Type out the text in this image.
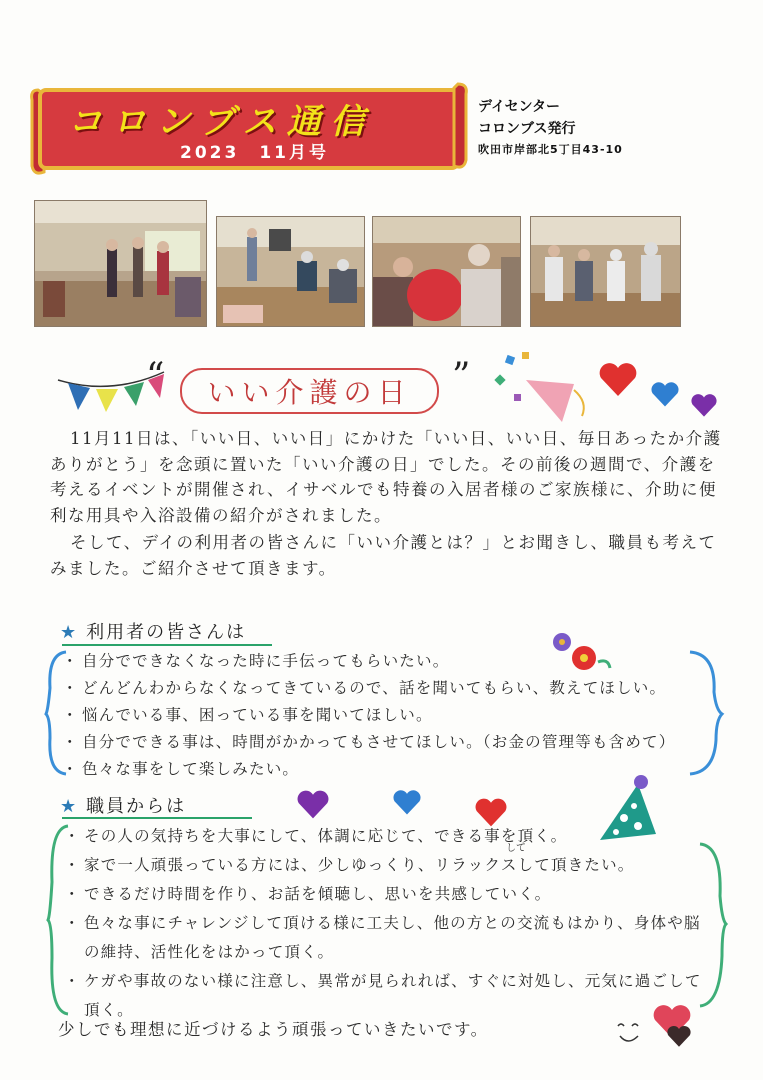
コロンブス通信
2023　11月号
デイセンター
コロンブス発行
吹田市岸部北5丁目43-10
“	”
いい介護の日

11月11日は、「いい日、いい日」にかけた「いい日、いい日、毎日あったか介護ありがとう」を念頭に置いた「いい介護の日」でした。その前後の週間で、介護を考えるイベントが開催され、イサベルでも特養の入居者様のご家族様に、介助に便利な用具や入浴設備の紹介がされました。

そして、デイの利用者の皆さんに「いい介護とは？」とお聞きし、職員も考えてみました。ご紹介させて頂きます。

★ 利用者の皆さんは
・ 自分でできなくなった時に手伝ってもらいたい。
・ どんどんわからなくなってきているので、話を聞いてもらい、教えてほしい。
・ 悩んでいる事、困っている事を聞いてほしい。
・ 自分でできる事は、時間がかかってもさせてほしい。（お金の管理等も含めて）
・ 色々な事をして楽しみたい。
★ 職員からは
して
・ その人の気持ちを大事にして、体調に応じて、できる事を頂く。
・ 家で一人頑張っている方には、少しゆっくり、リラックスして頂きたい。
・ できるだけ時間を作り、お話を傾聴し、思いを共感していく。
・ 色々な事にチャレンジして頂ける様に工夫し、他の方との交流もはかり、身体や脳の維持、活性化をはかって頂く。
・ ケガや事故のない様に注意し、異常が見られれば、すぐに対処し、元気に過ごして頂く。
少しでも理想に近づけるよう頑張っていきたいです。
